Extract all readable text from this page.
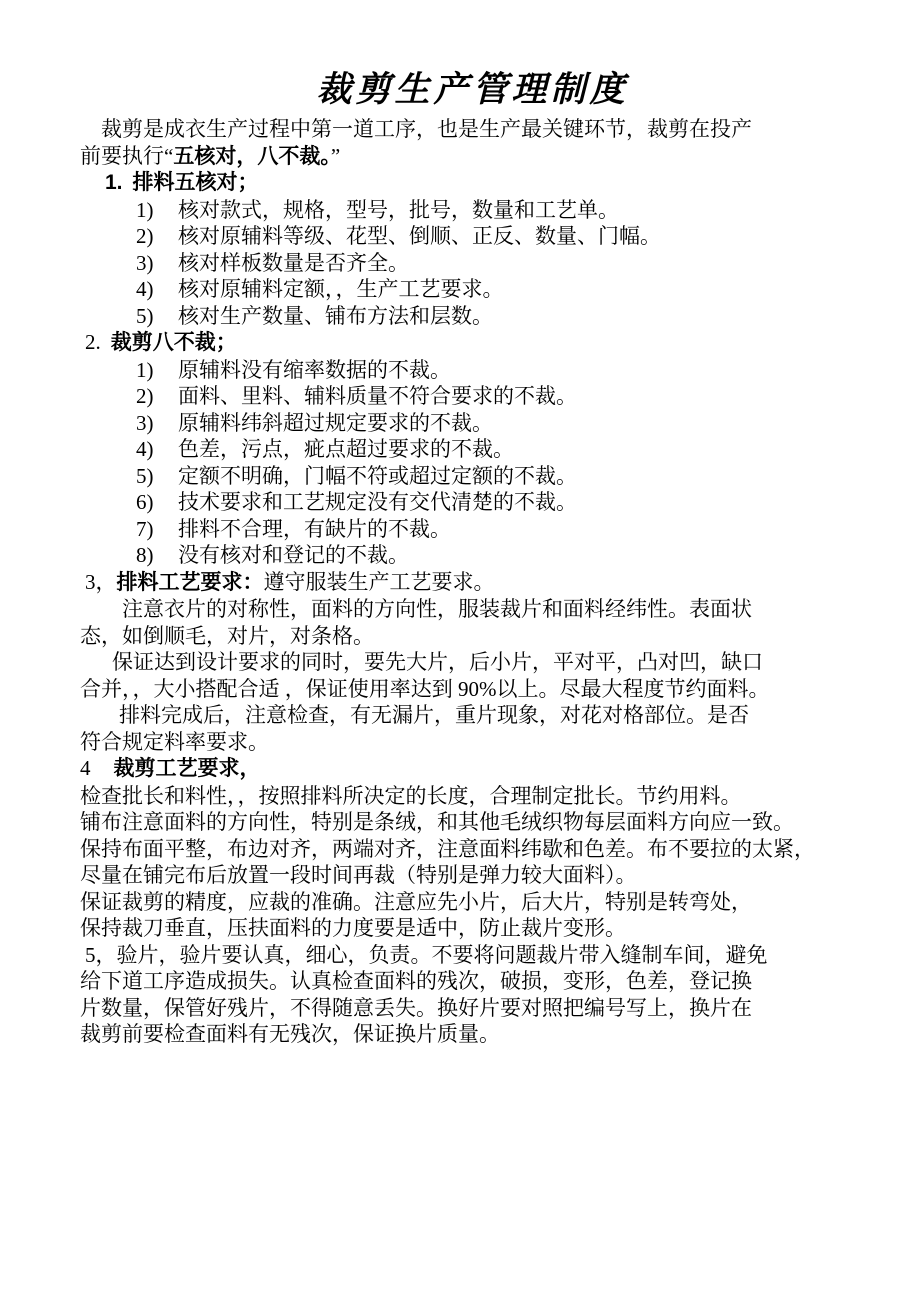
裁剪生产管理制度
裁剪是成衣生产过程中第一道工序，也是生产最关键环节，裁剪在投产
前要执行“五核对，八不裁。”
1. 排料五核对；
1)	核对款式，规格，型号，批号，数量和工艺单。
2)	核对原辅料等级、花型、倒顺、正反、数量、门幅。
3)	核对样板数量是否齐全。
4)	核对原辅料定额，，生产工艺要求。
5)	核对生产数量、铺布方法和层数。
2. 裁剪八不裁；
1)	原辅料没有缩率数据的不裁。
2)	面料、里料、辅料质量不符合要求的不裁。
3)	原辅料纬斜超过规定要求的不裁。
4)	色差，污点，疵点超过要求的不裁。
5)	定额不明确，门幅不符或超过定额的不裁。
6)	技术要求和工艺规定没有交代清楚的不裁。
7)	排料不合理，有缺片的不裁。
8)	没有核对和登记的不裁。
3，排料工艺要求：遵守服装生产工艺要求。
注意衣片的对称性，面料的方向性，服装裁片和面料经纬性。表面状
态，如倒顺毛，对片，对条格。
保证达到设计要求的同时，要先大片，后小片，平对平，凸对凹，缺口
合并，，大小搭配合适 ，保证使用率达到 90%以上。尽最大程度节约面料。
排料完成后，注意检查，有无漏片，重片现象，对花对格部位。是否
符合规定料率要求。
4 裁剪工艺要求，
检查批长和料性，，按照排料所决定的长度，合理制定批长。节约用料。
铺布注意面料的方向性，特别是条绒，和其他毛绒织物每层面料方向应一致。
保持布面平整，布边对齐，两端对齐，注意面料纬歇和色差。布不要拉的太紧，
尽量在铺完布后放置一段时间再裁（特别是弹力较大面料）。
保证裁剪的精度，应裁的准确。注意应先小片，后大片，特别是转弯处，
保持裁刀垂直，压扶面料的力度要是适中，防止裁片变形。
5，验片，验片要认真，细心，负责。不要将问题裁片带入缝制车间，避免
给下道工序造成损失。认真检查面料的残次，破损，变形，色差，登记换
片数量，保管好残片，不得随意丢失。换好片要对照把编号写上，换片在
裁剪前要检查面料有无残次，保证换片质量。
